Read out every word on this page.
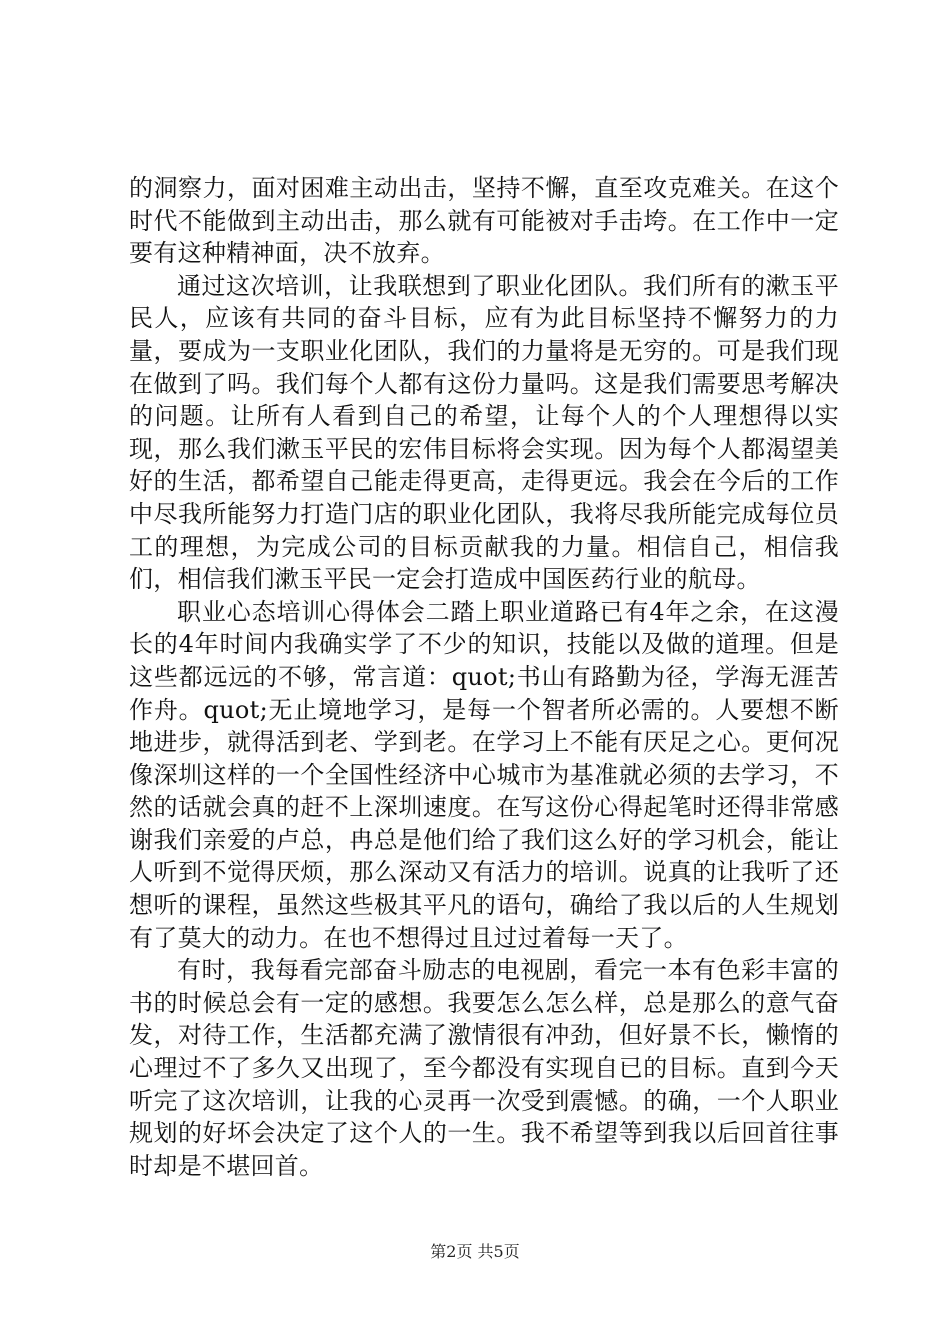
的洞察力，面对困难主动出击，坚持不懈，直至攻克难关。在这个时代不能做到主动出击，那么就有可能被对手击垮。在工作中一定要有这种精神面，决不放弃。

通过这次培训，让我联想到了职业化团队。我们所有的漱玉平民人，应该有共同的奋斗目标，应有为此目标坚持不懈努力的力量，要成为一支职业化团队，我们的力量将是无穷的。可是我们现在做到了吗。我们每个人都有这份力量吗。这是我们需要思考解决的问题。让所有人看到自己的希望，让每个人的个人理想得以实现，那么我们漱玉平民的宏伟目标将会实现。因为每个人都渴望美好的生活，都希望自己能走得更高，走得更远。我会在今后的工作中尽我所能努力打造门店的职业化团队，我将尽我所能完成每位员工的理想，为完成公司的目标贡献我的力量。相信自己，相信我们，相信我们漱玉平民一定会打造成中国医药行业的航母。

职业心态培训心得体会二踏上职业道路已有4年之余，在这漫长的4年时间内我确实学了不少的知识，技能以及做的道理。但是这些都远远的不够，常言道：quot;书山有路勤为径，学海无涯苦作舟。quot;无止境地学习，是每一个智者所必需的。人要想不断地进步，就得活到老、学到老。在学习上不能有厌足之心。更何况像深圳这样的一个全国性经济中心城市为基准就必须的去学习，不然的话就会真的赶不上深圳速度。在写这份心得起笔时还得非常感谢我们亲爱的卢总，冉总是他们给了我们这么好的学习机会，能让人听到不觉得厌烦，那么深动又有活力的培训。说真的让我听了还想听的课程，虽然这些极其平凡的语句，确给了我以后的人生规划有了莫大的动力。在也不想得过且过过着每一天了。

有时，我每看完部奋斗励志的电视剧，看完一本有色彩丰富的书的时候总会有一定的感想。我要怎么怎么样，总是那么的意气奋发，对待工作，生活都充满了激情很有冲劲，但好景不长，懒惰的心理过不了多久又出现了，至今都没有实现自已的目标。直到今天听完了这次培训，让我的心灵再一次受到震憾。的确，一个人职业规划的好坏会决定了这个人的一生。我不希望等到我以后回首往事时却是不堪回首。

第2页 共5页
